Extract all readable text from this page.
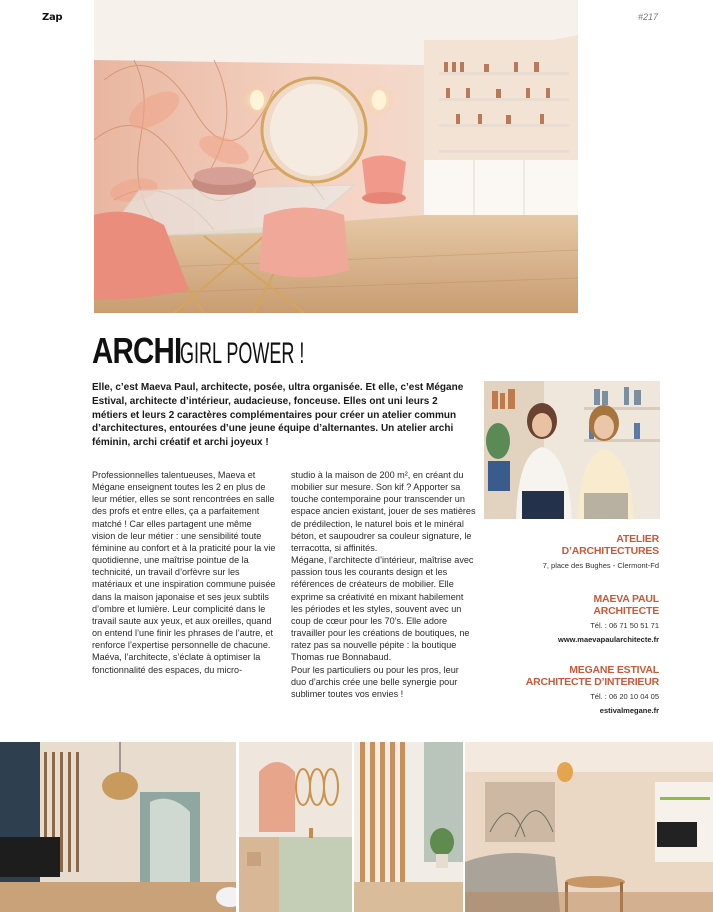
Zap	#217
ARCHI
GIRL POWER !
Elle, c’est Maeva Paul, architecte, posée, ultra organisée. Et elle, c’est Mégane Estival, architecte d’intérieur, audacieuse, fonceuse. Elles ont uni leurs 2 métiers et leurs 2 caractères complémentaires pour créer un atelier commun d’architectures, entourées d’une jeune équipe d’alternantes. Un atelier archi féminin, archi créatif et archi joyeux !

Professionnelles talentueuses, Maeva et Mégane enseignent toutes les 2 en plus de leur métier, elles se sont rencontrées en salle des profs et entre elles, ça a parfaitement matché ! Car elles partagent une même vision de leur métier : une sensibilité toute féminine au confort et à la praticité pour la vie quotidienne, une maîtrise pointue de la technicité, un travail d’orfèvre sur les matériaux et une inspiration commune puisée dans la maison japonaise et ses jeux subtils d’ombre et lumière. Leur complicité dans le travail saute aux yeux, et aux oreilles, quand on entend l’une finir les phrases de l’autre, et renforce l’expertise personnelle de chacune.

Maéva, l’architecte, s’éclate à optimiser la fonctionnalité des espaces, du micro-

studio à la maison de 200 m², en créant du mobilier sur mesure. Son kif ? Apporter sa touche contemporaine pour transcender un espace ancien existant, jouer de ses matières de prédilection, le naturel bois et le minéral béton, et saupoudrer sa couleur signature, le terracotta, si affinités.

Mégane, l’architecte d’intérieur, maîtrise avec passion tous les courants design et les références de créateurs de mobilier. Elle exprime sa créativité en mixant habilement les périodes et les styles, souvent avec un coup de cœur pour les 70’s. Elle adore travailler pour les créations de boutiques, ne ratez pas sa nouvelle pépite : la boutique Thomas rue Bonnabaud.

Pour les particuliers ou pour les pros, leur duo d’archis crée une belle synergie pour sublimer toutes vos envies !

ATELIER
D’ARCHITECTURES
7, place des Bughes - Clermont-Fd
MAEVA PAUL
ARCHITECTE
Tél. : 06 71 50 51 71
www.maevapaularchitecte.fr
MEGANE ESTIVAL
ARCHITECTE D’INTERIEUR
Tél. : 06 20 10 04 05
estivalmegane.fr
